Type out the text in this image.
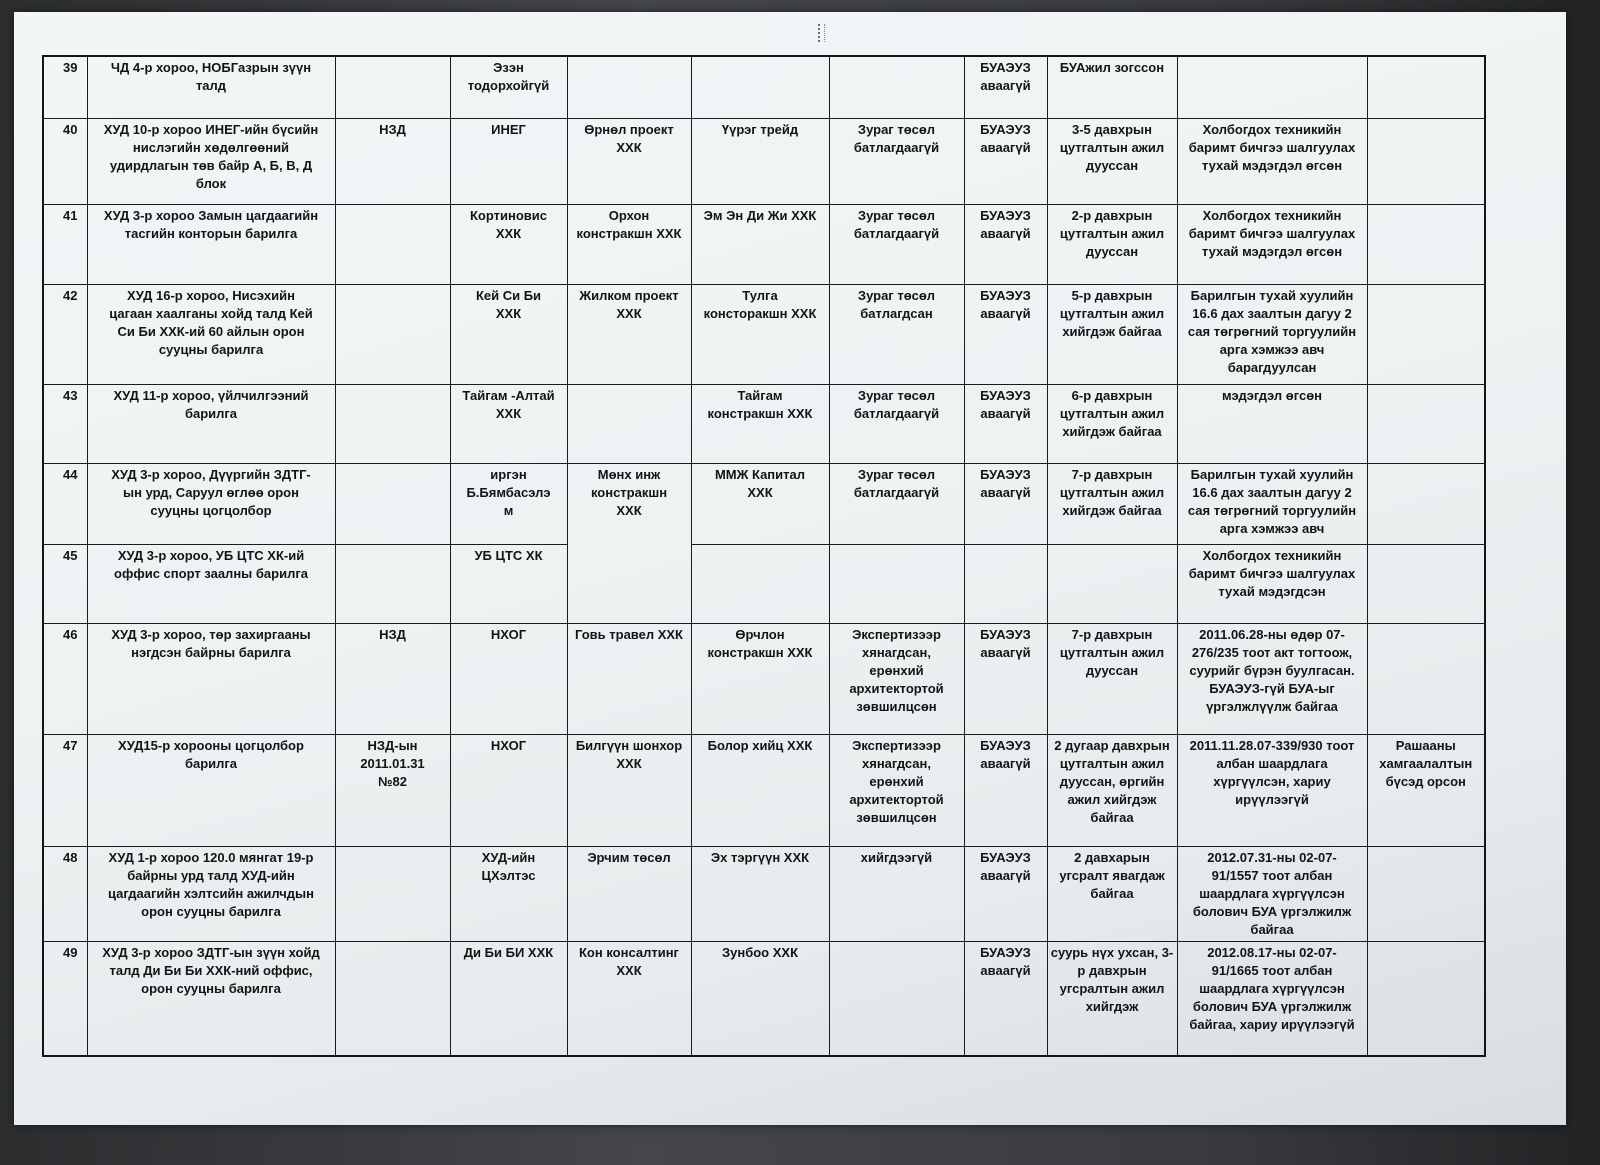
39	ЧД 4-р хороо, НОБГазрын зүүн
талд		Эзэн
тодорхойгүй				БУАЭУЗ
аваагүй	БУАжил зогссон		
40	ХУД 10-р хороо ИНЕГ-ийн бүсийн
нислэгийн хөдөлгөөний
удирдлагын төв байр А, Б, В, Д
блок	НЗД	ИНЕГ	Өрнөл проект
ХХК	Үүрэг трейд	Зураг төсөл
батлагдаагүй	БУАЭУЗ
аваагүй	3-5 давхрын
цутгалтын ажил
дууссан	Холбогдох техникийн
баримт бичгээ шалгуулах
тухай мэдэгдэл өгсөн	
41	ХУД 3-р хороо Замын цагдаагийн
тасгийн конторын барилга		Кортиновис
ХХК	Орхон
констракшн ХХК	Эм Эн Ди Жи ХХК	Зураг төсөл
батлагдаагүй	БУАЭУЗ
аваагүй	2-р давхрын
цутгалтын ажил
дууссан	Холбогдох техникийн
баримт бичгээ шалгуулах
тухай мэдэгдэл өгсөн	
42	ХУД 16-р хороо, Нисэхийн
цагаан хаалганы хойд талд Кей
Си Би ХХК-ий 60 айлын орон
сууцны барилга		Кей Си Би
ХХК	Жилком проект
ХХК	Тулга
консторакшн ХХК	Зураг төсөл
батлагдсан	БУАЭУЗ
аваагүй	5-р давхрын
цутгалтын ажил
хийгдэж байгаа	Барилгын тухай хуулийн
16.6 дах заалтын дагуу 2
сая төгрөгний торгуулийн
арга хэмжээ авч
барагдуулсан	
43	ХУД 11-р хороо, үйлчилгээний
барилга		Тайгам -Алтай
ХХК		Тайгам
констракшн ХХК	Зураг төсөл
батлагдаагүй	БУАЭУЗ
аваагүй	6-р давхрын
цутгалтын ажил
хийгдэж байгаа	мэдэгдэл өгсөн	
44	ХУД 3-р хороо, Дүүргийн ЗДТГ-
ын урд, Саруул өглөө орон
сууцны цогцолбор		иргэн
Б.Бямбасэлэ
м	Мөнх инж
констракшн
ХХК	ММЖ Капитал
ХХК	Зураг төсөл
батлагдаагүй	БУАЭУЗ
аваагүй	7-р давхрын
цутгалтын ажил
хийгдэж байгаа	Барилгын тухай хуулийн
16.6 дах заалтын дагуу 2
сая төгрөгний торгуулийн
арга хэмжээ авч	
45	ХУД 3-р хороо, УБ ЦТС ХК-ий
оффис спорт заалны барилга		УБ ЦТС ХК						Холбогдох техникийн
баримт бичгээ шалгуулах
тухай мэдэгдсэн	
46	ХУД 3-р хороо, төр захиргааны
нэгдсэн байрны барилга	НЗД	НХОГ	Говь травел ХХК	Өрчлон
констракшн ХХК	Экспертизээр
хянагдсан,
ерөнхий
архитектортой
зөвшилцсөн	БУАЭУЗ
аваагүй	7-р давхрын
цутгалтын ажил
дууссан	2011.06.28-ны өдөр 07-
276/235 тоот акт тогтоож,
суурийг бүрэн буулгасан.
БУАЭУЗ-гүй БУА-ыг
үргэлжлүүлж байгаа	
47	ХУД15-р хорооны цогцолбор
барилга	НЗД-ын
2011.01.31
№82	НХОГ	Билгүүн шонхор
ХХК	Болор хийц ХХК	Экспертизээр
хянагдсан,
ерөнхий
архитектортой
зөвшилцсөн	БУАЭУЗ
аваагүй	2 дугаар давхрын
цутгалтын ажил
дууссан, өргийн
ажил хийгдэж
байгаа	2011.11.28.07-339/930 тоот
албан шаардлага
хүргүүлсэн, хариу
ирүүлээгүй	Рашааны
хамгаалалтын
бүсэд орсон
48	ХУД 1-р хороо 120.0 мянгат 19-р
байрны урд талд ХУД-ийн
цагдаагийн хэлтсийн ажилчдын
орон сууцны барилга		ХУД-ийн
ЦХэлтэс	Эрчим төсөл	Эх тэргүүн ХХК	хийгдээгүй	БУАЭУЗ
аваагүй	2 давхарын
угсралт явагдаж
байгаа	2012.07.31-ны 02-07-
91/1557 тоот албан
шаардлага хүргүүлсэн
болович БУА үргэлжилж
байгаа	
49	ХУД 3-р хороо ЗДТГ-ын зүүн хойд
талд Ди Би Би ХХК-ний оффис,
орон сууцны барилга		Ди Би БИ ХХК	Кон консалтинг
ХХК	Зунбоо ХХК		БУАЭУЗ
аваагүй	суурь нүх ухсан, 3-
р давхрын
угсралтын ажил
хийгдэж	2012.08.17-ны 02-07-
91/1665 тоот албан
шаардлага хүргүүлсэн
болович БУА үргэлжилж
байгаа, хариу ирүүлээгүй	
